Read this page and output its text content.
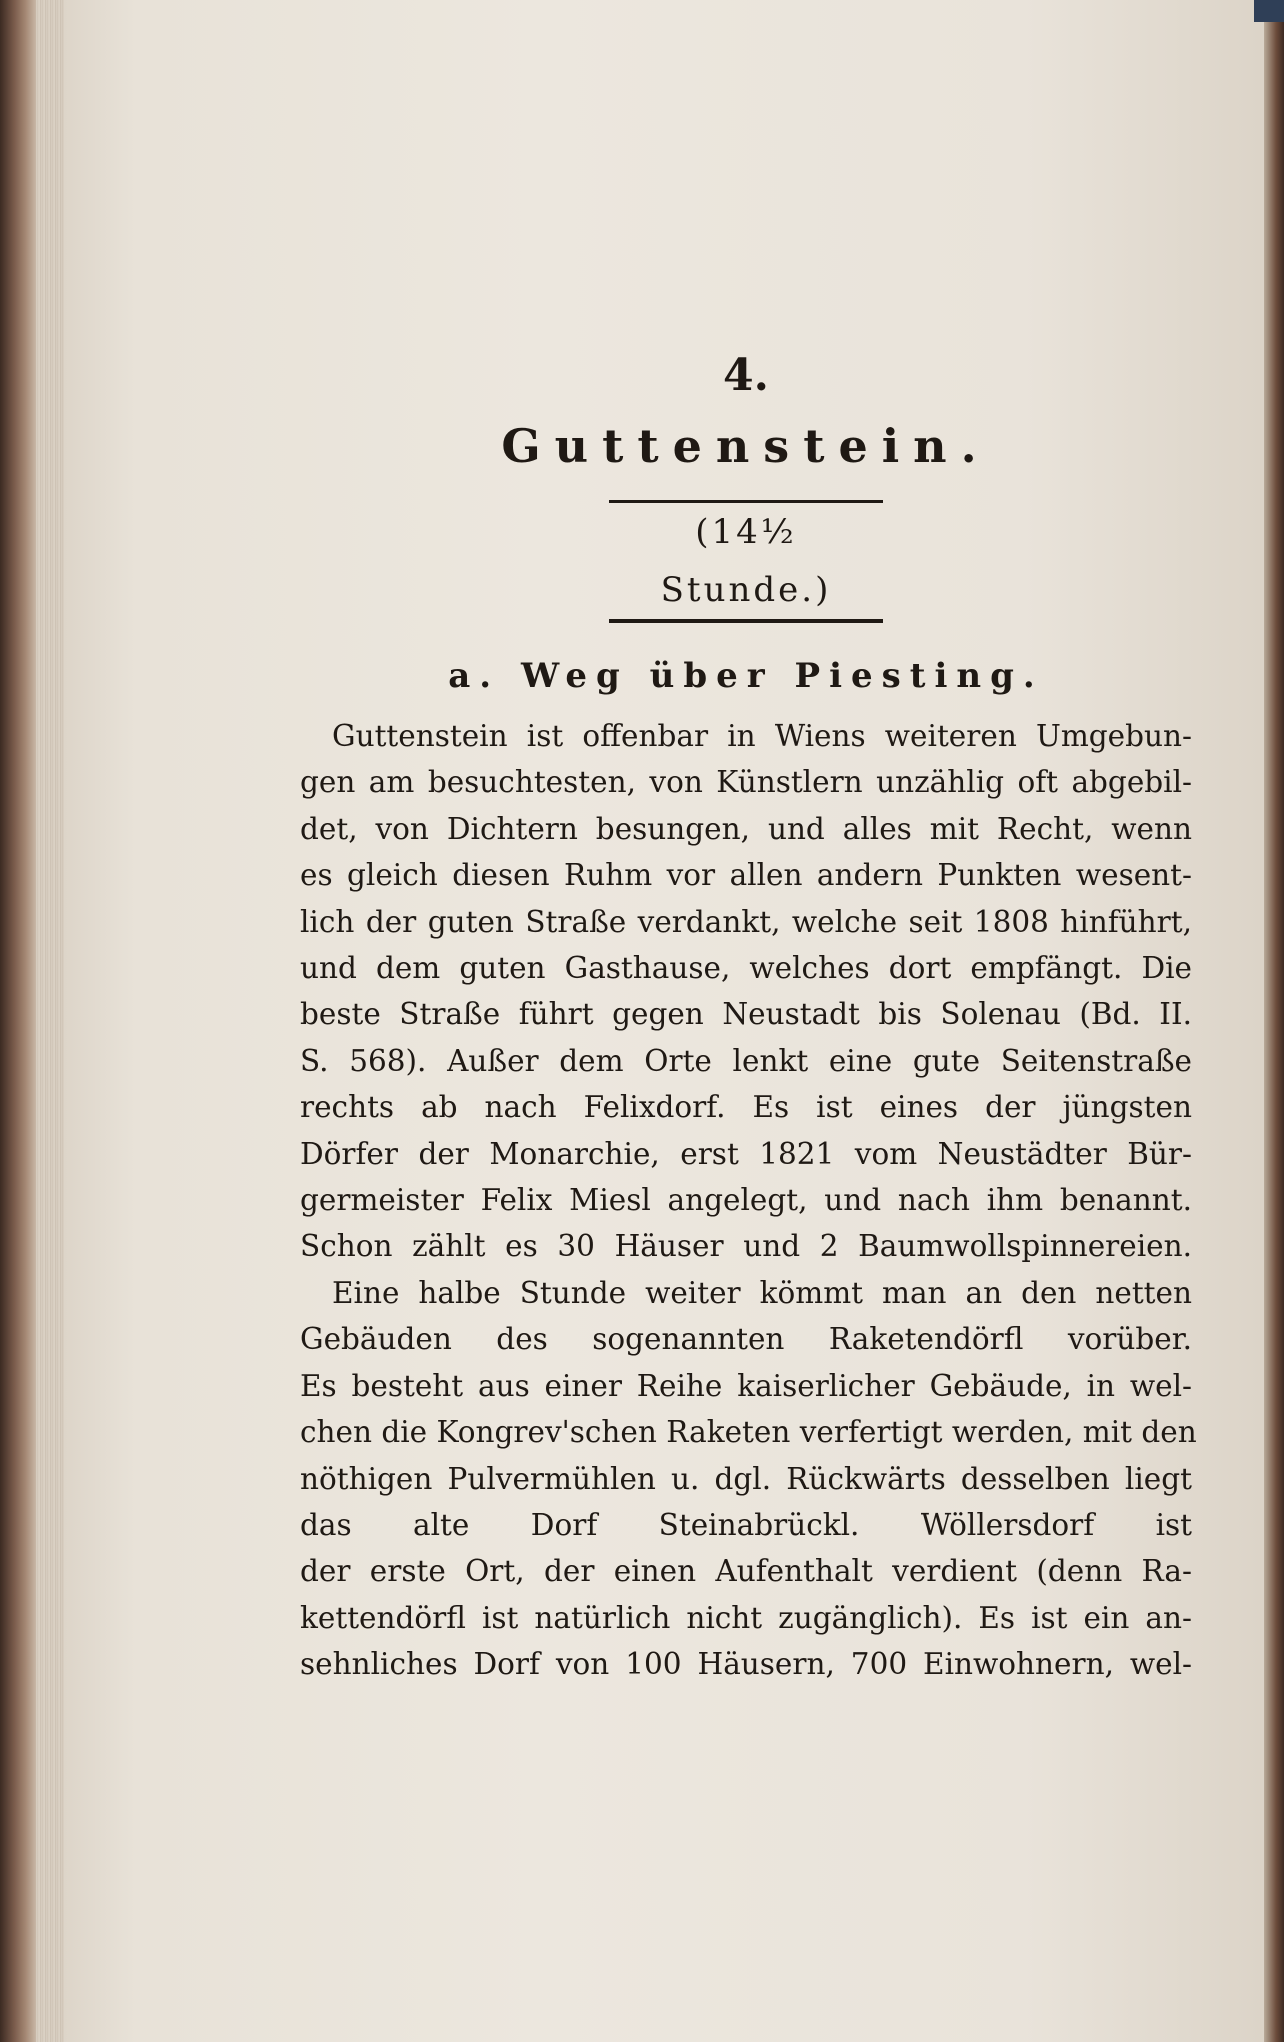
4.
Guttenstein.
(14½ Stunde.)
a. Weg über Piesting.
Guttenstein ist offenbar in Wiens weiteren Umgebun-
gen am besuchtesten, von Künstlern unzählig oft abgebil-
det, von Dichtern besungen, und alles mit Recht, wenn
es gleich diesen Ruhm vor allen andern Punkten wesent-
lich der guten Straße verdankt, welche seit 1808 hinführt,
und dem guten Gasthause, welches dort empfängt. Die
beste Straße führt gegen Neustadt bis Solenau (Bd. II.
S. 568). Außer dem Orte lenkt eine gute Seitenstraße
rechts ab nach Felixdorf. Es ist eines der jüngsten
Dörfer der Monarchie, erst 1821 vom Neustädter Bür-
germeister Felix Miesl angelegt, und nach ihm benannt.
Schon zählt es 30 Häuser und 2 Baumwollspinnereien.
Eine halbe Stunde weiter kömmt man an den netten
Gebäuden des sogenannten Raketendörfl vorüber.
Es besteht aus einer Reihe kaiserlicher Gebäude, in wel-
chen die Kongrev'schen Raketen verfertigt werden, mit den
nöthigen Pulvermühlen u. dgl. Rückwärts desselben liegt
das alte Dorf Steinabrückl. Wöllersdorf ist
der erste Ort, der einen Aufenthalt verdient (denn Ra-
kettendörfl ist natürlich nicht zugänglich). Es ist ein an-
sehnliches Dorf von 100 Häusern, 700 Einwohnern, wel-
